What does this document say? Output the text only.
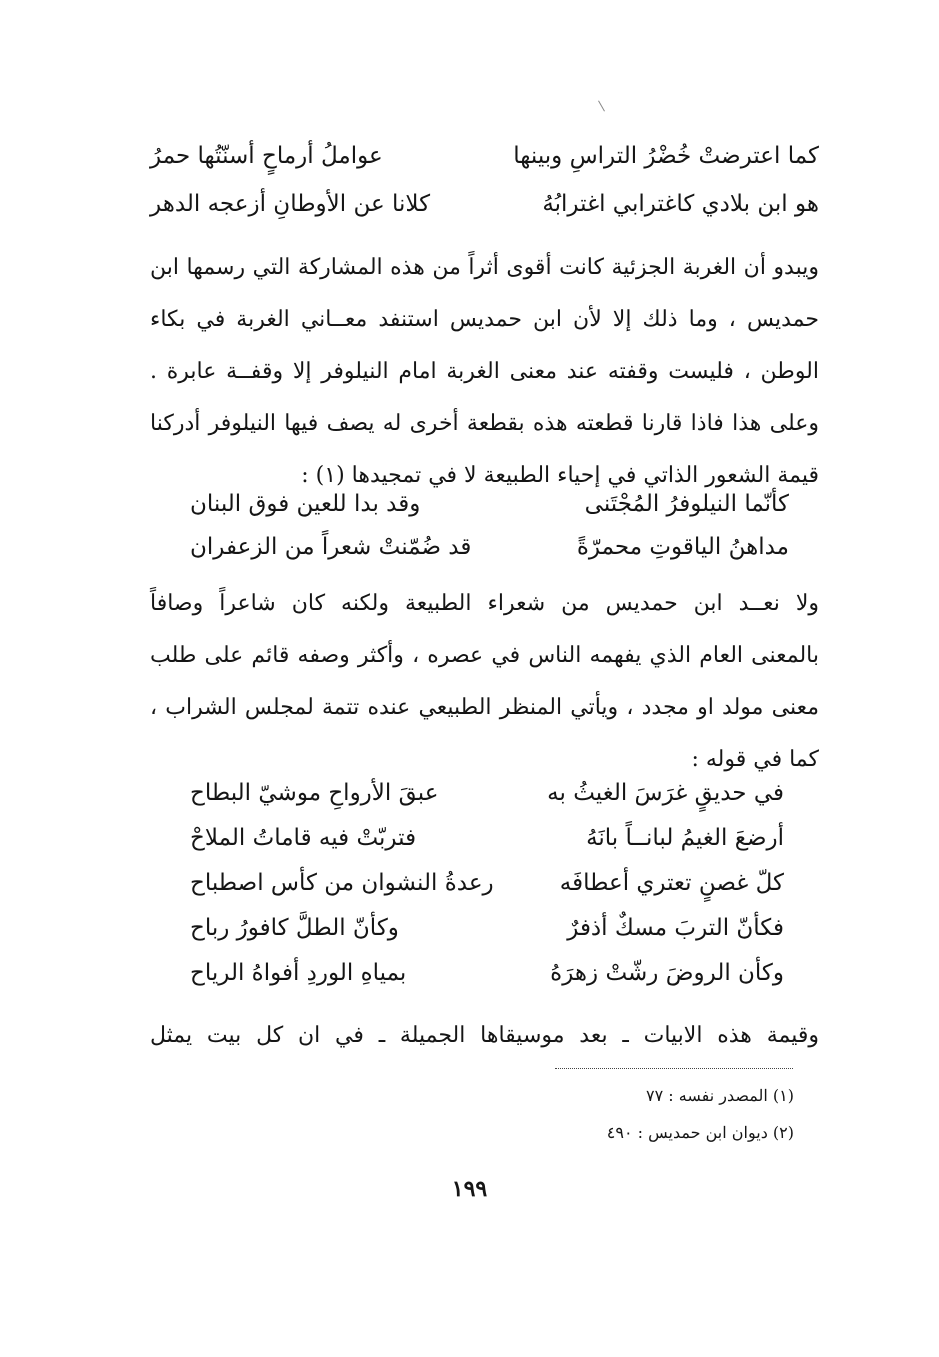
كما اعترضتْ خُضْرُ التراسِ وبينها
عواملُ أرماحٍ أسنّتُها حمرُ
هو ابن بلادي كاغترابي اغترابُهُ
كلانا عن الأوطانِ أزعجه الدهر
ويبدو أن الغربة الجزئية كانت أقوى أثراً من هذه المشاركة التي رسمها ابن
حمديس ، وما ذلك إلا لأن ابن حمديس استنفد معــاني الغربة في بكاء
الوطن ، فليست وقفته عند معنى الغربة امام النيلوفر إلا وقفــة عابرة .
وعلى هذا فاذا قارنا قطعته هذه بقطعة أخرى له يصف فيها النيلوفر أدركنا
قيمة الشعور الذاتي في إحياء الطبيعة لا في تمجيدها (١) :
كأنّما النيلوفرُ المُجْتَنى
وقد بدا للعين فوق البنان
مداهنُ الياقوتِ محمرّةً
قد ضُمّنتْ شعراً من الزعفران
ولا نعــد ابن حمديس من شعراء الطبيعة ولكنه كان شاعراً وصافاً
بالمعنى العام الذي يفهمه الناس في عصره ، وأكثر وصفه قائم على طلب
معنى مولد او مجدد ، ويأتي المنظر الطبيعي عنده تتمة لمجلس الشراب ،
كما في قوله :
في حديقٍ غرَسَ الغيثُ به
عبقَ الأرواحِ موشيّ البطاح
أرضعَ الغيمُ لبانــاً بانَهُ
فتربّتْ فيه قاماتُ الملاحْ
كلّ غصنٍ تعتري أعطافَه
رعدةُ النشوان من كأس اصطباح
فكأنّ التربَ مسكٌ أذفرٌ
وكأنّ الطلَّ كافورُ رباح
وكأن الروضَ رشّتْ زهرَهُ
بمياهِ الوردِ أفواهُ الرياح
وقيمة هذه الابيات ـ بعد موسيقاها الجميلة ـ في ان كل بيت يمثل
(١) المصدر نفسه : ٧٧
(٢) ديوان ابن حمديس : ٤٩٠
١٩٩
